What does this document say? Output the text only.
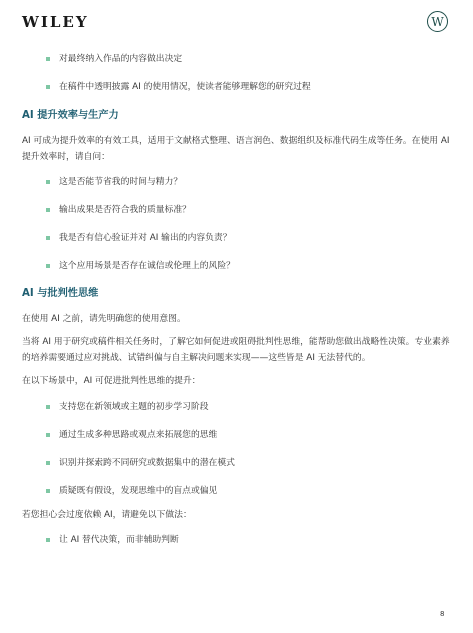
WILEY	W
对最终纳入作品的内容做出决定
在稿件中透明披露 AI 的使用情况，使读者能够理解您的研究过程
AI 提升效率与生产力

AI 可成为提升效率的有效工具，适用于文献格式整理、语言润色、数据组织及标准代码生成等任务。在使用 AI 提升效率时，请自问：

这是否能节省我的时间与精力？
输出成果是否符合我的质量标准？
我是否有信心验证并对 AI 输出的内容负责？
这个应用场景是否存在诚信或伦理上的风险？
AI 与批判性思维

在使用 AI 之前，请先明确您的使用意图。

当将 AI 用于研究或稿件相关任务时，了解它如何促进或阻碍批判性思维，能帮助您做出战略性决策。专业素养的培养需要通过应对挑战、试错纠偏与自主解决问题来实现——这些皆是 AI 无法替代的。

在以下场景中，AI 可促进批判性思维的提升：

支持您在新领域或主题的初步学习阶段
通过生成多种思路或观点来拓展您的思维
识别并探索跨不同研究或数据集中的潜在模式
质疑既有假设，发现思维中的盲点或偏见

若您担心会过度依赖 AI，请避免以下做法：

让 AI 替代决策，而非辅助判断
8
